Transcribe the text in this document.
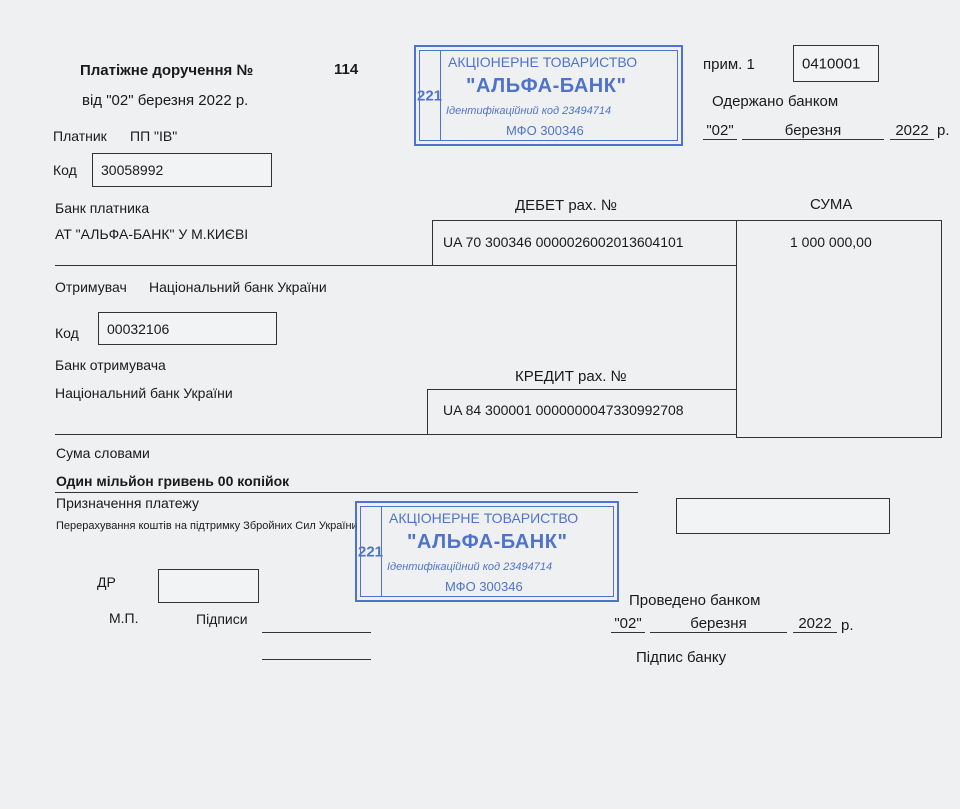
Платіжне доручення №	114
від "02" березня 2022 р.
прим. 1	0410001
Одержано банком
"02"	березня	2022 р.
Платник ПП "ІВ"
Код 30058992
Банк платника
АТ "АЛЬФА-БАНК" У М.КИЄВІ
ДЕБЕТ рах. №	СУМА
UA 70 300346 0000026002013604101	1 000 000,00
Отримувач Національний банк України
Код 00032106
Банк отримувача
Національний банк України
КРЕДИТ рах. №
UA 84 300001 0000000047330992708
Сума словами
Один мільйон гривень 00 копійок
Призначення платежу
Перерахування коштів на підтримку Збройних Сил України
ДР
М.П.	Підписи
Проведено банком
"02"	березня	2022 р.
Підпис банку
221
АКЦІОНЕРНЕ ТОВАРИСТВО
"АЛЬФА-БАНК"
Ідентифікаційний код 23494714
МФО 300346
221
АКЦІОНЕРНЕ ТОВАРИСТВО
"АЛЬФА-БАНК"
Ідентифікаційний код 23494714
МФО 300346
